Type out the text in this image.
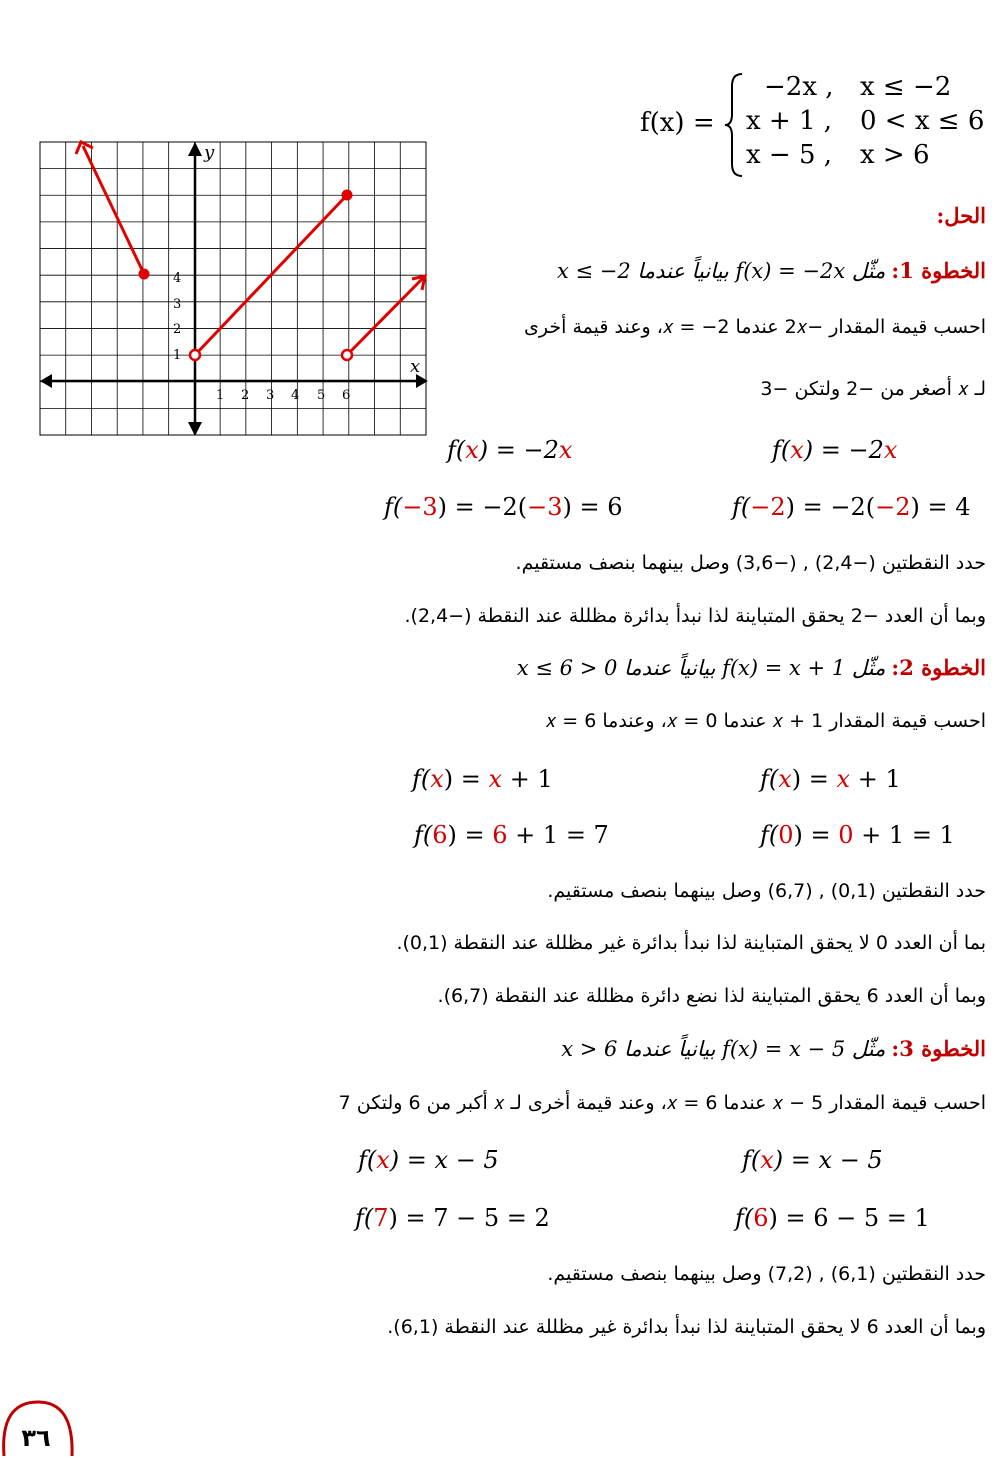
f(x) =
−2x , x ≤ −2
x + 1 , 0 < x ≤ 6
x − 5 , x > 6
x
y
1 2 3 4 5 6
1
2
3
4
الحل:
الخطوة 1: مثّل 𝑓(𝑥) = −2𝑥 بيانياً عندما 𝑥 ≤ −2
احسب قيمة المقدار −2𝑥 عندما 𝑥 = −2، وعند قيمة أخرى
لـ 𝑥 أصغر من −2 ولتكن −3
𝑓(𝑥) = −2𝑥	𝑓(𝑥) = −2𝑥
𝑓(−3) = −2(−3) = 6	𝑓(−2) = −2(−2) = 4
حدد النقطتين (−2,4) , (−3,6) وصل بينهما بنصف مستقيم.
وبما أن العدد −2 يحقق المتباينة لذا نبدأ بدائرة مظللة عند النقطة (−2,4).
الخطوة 2: مثّل 𝑓(𝑥) = 𝑥 + 1 بيانياً عندما 0 < 𝑥 ≤ 6
احسب قيمة المقدار 𝑥 + 1 عندما 𝑥 = 0، وعندما 𝑥 = 6
𝑓(𝑥) = 𝑥 + 1	𝑓(𝑥) = 𝑥 + 1
𝑓(6) = 6 + 1 = 7	𝑓(0) = 0 + 1 = 1
حدد النقطتين (0,1) , (6,7) وصل بينهما بنصف مستقيم.
بما أن العدد 0 لا يحقق المتباينة لذا نبدأ بدائرة غير مظللة عند النقطة (0,1).
وبما أن العدد 6 يحقق المتباينة لذا نضع دائرة مظللة عند النقطة (6,7).
الخطوة 3: مثّل 𝑓(𝑥) = 𝑥 − 5 بيانياً عندما 𝑥 > 6
احسب قيمة المقدار 𝑥 − 5 عندما 𝑥 = 6، وعند قيمة أخرى لـ 𝑥 أكبر من 6 ولتكن 7
𝑓(𝑥) = 𝑥 − 5	𝑓(𝑥) = 𝑥 − 5
𝑓(7) = 7 − 5 = 2	𝑓(6) = 6 − 5 = 1
حدد النقطتين (6,1) , (7,2) وصل بينهما بنصف مستقيم.
وبما أن العدد 6 لا يحقق المتباينة لذا نبدأ بدائرة غير مظللة عند النقطة (6,1).
٣٦
